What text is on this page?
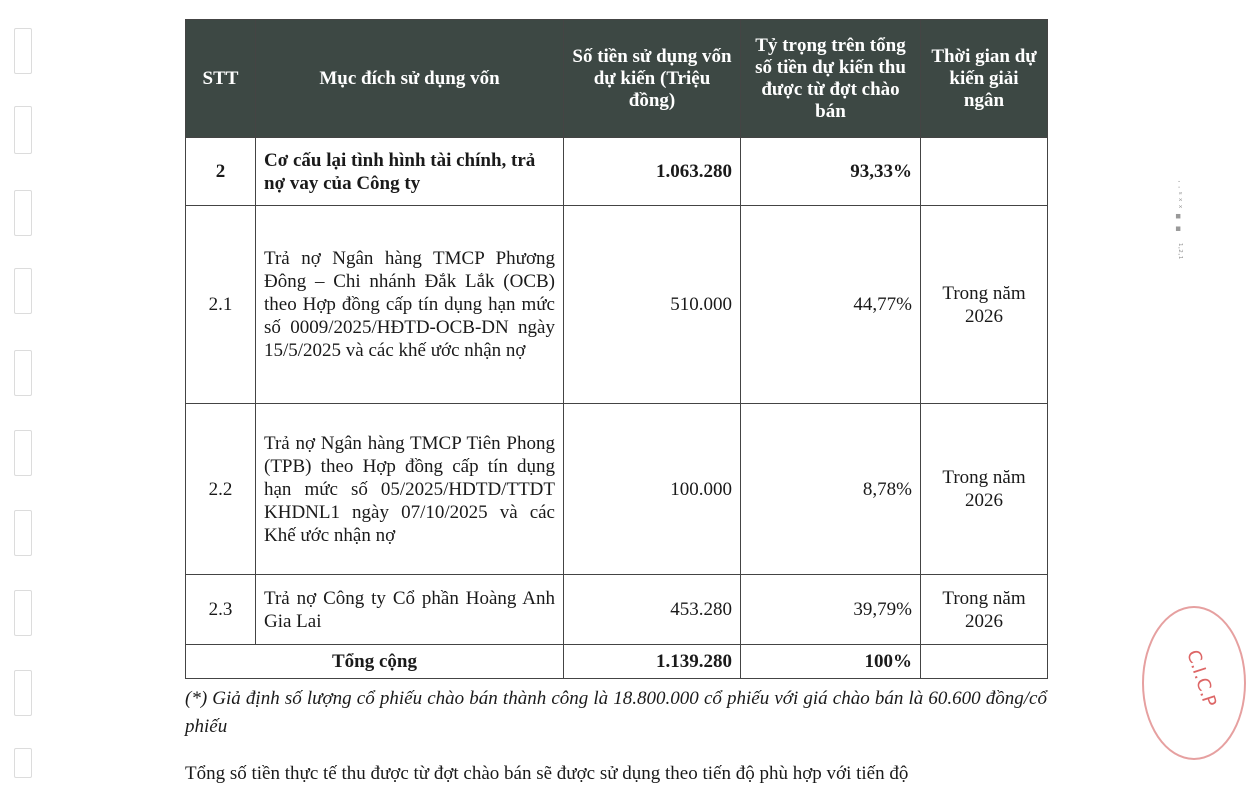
STT	Mục đích sử dụng vốn	Số tiền sử dụng vốn dự kiến (Triệu đồng)	Tỷ trọng trên tổng số tiền dự kiến thu được từ đợt chào bán	Thời gian dự kiến giải ngân
2	Cơ cấu lại tình hình tài chính, trả nợ vay của Công ty	1.063.280	93,33%	
2.1	Trả nợ Ngân hàng TMCP Phương Đông – Chi nhánh Đắk Lắk (OCB) theo Hợp đồng cấp tín dụng hạn mức số 0009/2025/HĐTD-OCB-DN ngày 15/5/2025 và các khế ước nhận nợ	510.000	44,77%	Trong năm 2026
2.2	Trả nợ Ngân hàng TMCP Tiên Phong (TPB) theo Hợp đồng cấp tín dụng hạn mức số 05/2025/HDTD/TTDT KHDNL1 ngày 07/10/2025 và các Khế ước nhận nợ	100.000	8,78%	Trong năm 2026
2.3	Trả nợ Công ty Cổ phần Hoàng Anh Gia Lai	453.280	39,79%	Trong năm 2026
Tổng cộng		1.139.280	100%	
(*) Giả định số lượng cổ phiếu chào bán thành công là 18.800.000 cổ phiếu với giá chào bán là 60.600 đồng/cổ phiếu
Tổng số tiền thực tế thu được từ đợt chào bán sẽ được sử dụng theo tiến độ phù hợp với tiến độ
C.I.C.P
· · ˢ ˣ ˣ ▪ ▪   ¹·²·¹
